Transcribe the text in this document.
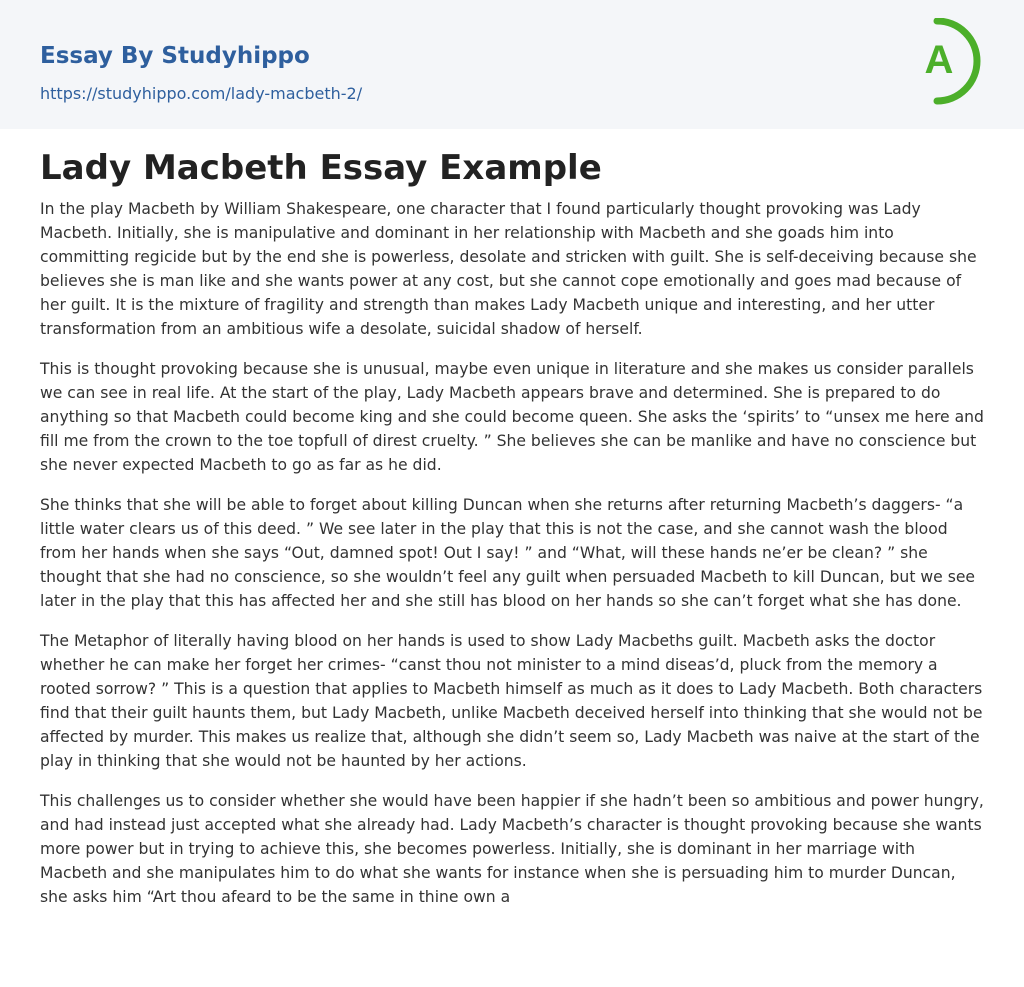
Essay By Studyhippo
https://studyhippo.com/lady-macbeth-2/
A
Lady Macbeth Essay Example

In the play Macbeth by William Shakespeare, one character that I found particularly thought provoking was Lady Macbeth. Initially, she is manipulative and dominant in her relationship with Macbeth and she goads him into committing regicide but by the end she is powerless, desolate and stricken with guilt. She is self-deceiving because she believes she is man like and she wants power at any cost, but she cannot cope emotionally and goes mad because of her guilt. It is the mixture of fragility and strength than makes Lady Macbeth unique and interesting, and her utter transformation from an ambitious wife a desolate, suicidal shadow of herself.

This is thought provoking because she is unusual, maybe even unique in literature and she makes us consider parallels we can see in real life. At the start of the play, Lady Macbeth appears brave and determined. She is prepared to do anything so that Macbeth could become king and she could become queen. She asks the ‘spirits’ to “unsex me here and fill me from the crown to the toe topfull of direst cruelty. ” She believes she can be manlike and have no conscience but she never expected Macbeth to go as far as he did.

She thinks that she will be able to forget about killing Duncan when she returns after returning Macbeth’s daggers- “a little water clears us of this deed. ” We see later in the play that this is not the case, and she cannot wash the blood from her hands when she says “Out, damned spot! Out I say! ” and “What, will these hands ne’er be clean? ” she thought that she had no conscience, so she wouldn’t feel any guilt when persuaded Macbeth to kill Duncan, but we see later in the play that this has affected her and she still has blood on her hands so she can’t forget what she has done.

The Metaphor of literally having blood on her hands is used to show Lady Macbeths guilt. Macbeth asks the doctor whether he can make her forget her crimes- “canst thou not minister to a mind diseas’d, pluck from the memory a rooted sorrow? ” This is a question that applies to Macbeth himself as much as it does to Lady Macbeth. Both characters find that their guilt haunts them, but Lady Macbeth, unlike Macbeth deceived herself into thinking that she would not be affected by murder. This makes us realize that, although she didn’t seem so, Lady Macbeth was naive at the start of the play in thinking that she would not be haunted by her actions.

This challenges us to consider whether she would have been happier if she hadn’t been so ambitious and power hungry, and had instead just accepted what she already had. Lady Macbeth’s character is thought provoking because she wants more power but in trying to achieve this, she becomes powerless. Initially, she is dominant in her marriage with Macbeth and she manipulates him to do what she wants for instance when she is persuading him to murder Duncan, she asks him “Art thou afeard to be the same in thine own a
